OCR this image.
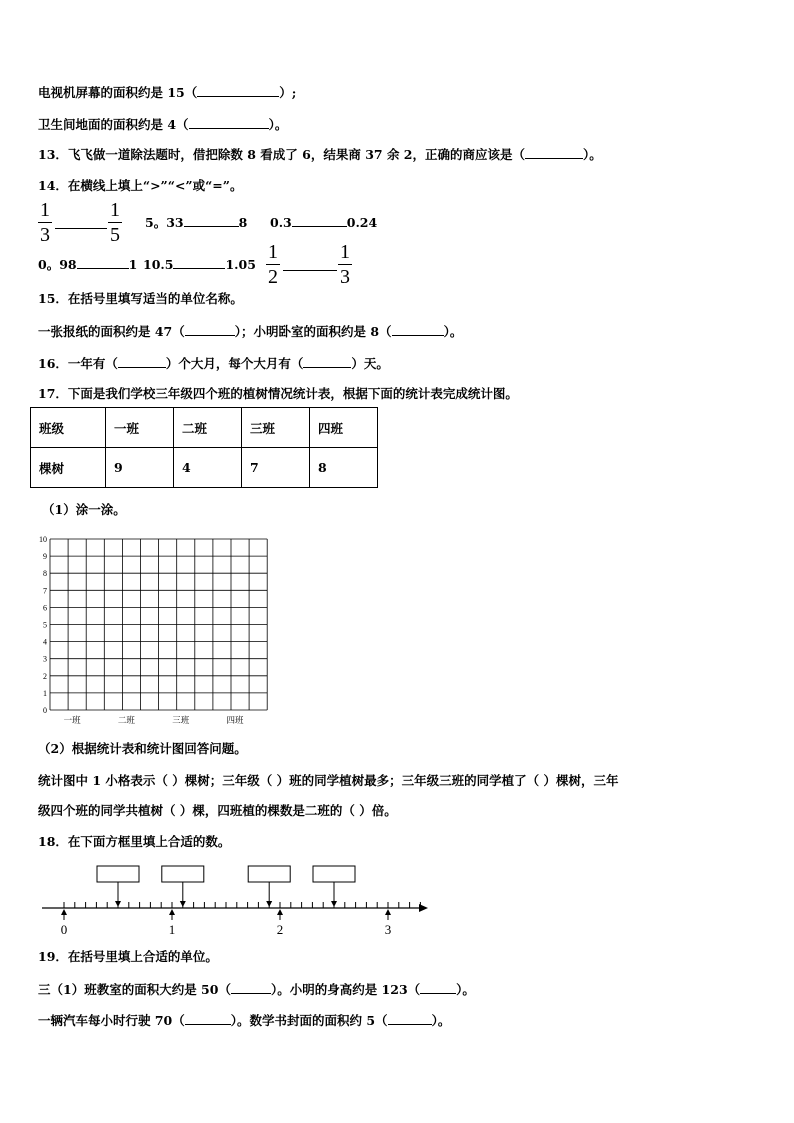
电视机屏幕的面积约是 15（	）;
卫生间地面的面积约是 4（	）。
13．飞飞做一道除法题时，借把除数 8 看成了 6，结果商 37 余 2，正确的商应该是（	）。
14．在横线上填上“>”“<”或“=”。
1
3
1
5
5。33	8 0.3	0.24
0。98	1 10.5	1.05
1
2
1
3
15．在括号里填写适当的单位名称。
一张报纸的面积约是 47（	）；小明卧室的面积约是 8（	）。
16．一年有（	）个大月，每个大月有（	）天。
17．下面是我们学校三年级四个班的植树情况统计表，根据下面的统计表完成统计图。
班级	一班	二班	三班	四班
棵树	9	4	7	8
（1）涂一涂。
0
1
2
3
4
5
6
7
8
9
10
一班	二班	三班	四班
（2）根据统计表和统计图回答问题。
统计图中 1 小格表示（ ）棵树；三年级（ ）班的同学植树最多；三年级三班的同学植了（ ）棵树，三年
级四个班的同学共植树（ ）棵，四班植的棵数是二班的（ ）倍。
18．在下面方框里填上合适的数。
0	1	2	3
19．在括号里填上合适的单位。
三（1）班教室的面积大约是 50（	）。小明的身高约是 123（	）。
一辆汽车每小时行驶 70（	）。数学书封面的面积约 5（	）。
